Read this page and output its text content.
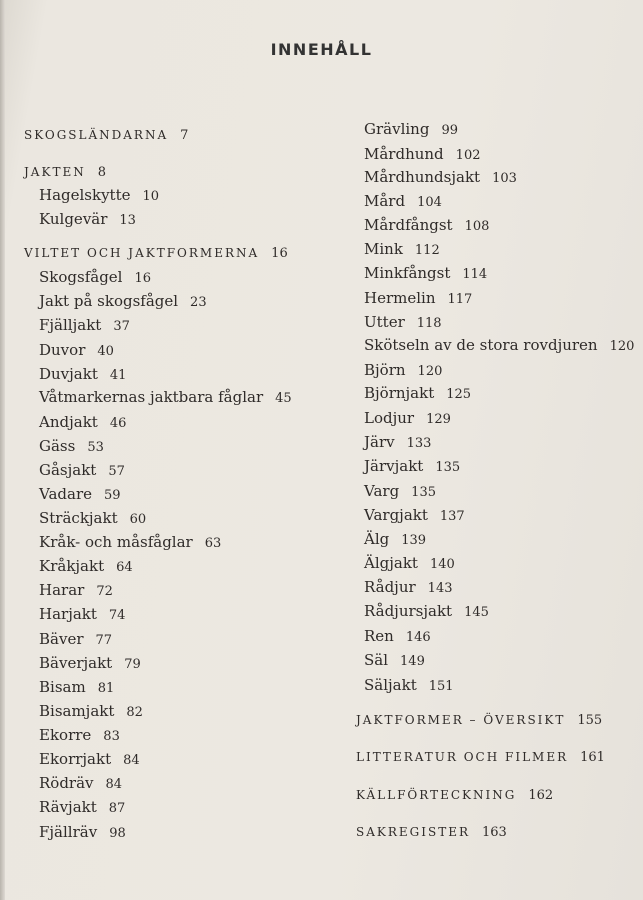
INNEHÅLL
SKOGSLÄNDARNA 7
JAKTEN 8
Hagelskytte 10
Kulgevär 13
VILTET OCH JAKTFORMERNA 16
Skogsfågel 16
Jakt på skogsfågel 23
Fjälljakt 37
Duvor 40
Duvjakt 41
Våtmarkernas jaktbara fåglar 45
Andjakt 46
Gäss 53
Gåsjakt 57
Vadare 59
Sträckjakt 60
Kråk- och måsfåglar 63
Kråkjakt 64
Harar 72
Harjakt 74
Bäver 77
Bäverjakt 79
Bisam 81
Bisamjakt 82
Ekorre 83
Ekorrjakt 84
Rödräv 84
Rävjakt 87
Fjällräv 98
Grävling 99
Mårdhund 102
Mårdhundsjakt 103
Mård 104
Mårdfångst 108
Mink 112
Minkfångst 114
Hermelin 117
Utter 118
Skötseln av de stora rovdjuren 120
Björn 120
Björnjakt 125
Lodjur 129
Järv 133
Järvjakt 135
Varg 135
Vargjakt 137
Älg 139
Älgjakt 140
Rådjur 143
Rådjursjakt 145
Ren 146
Säl 149
Säljakt 151
JAKTFORMER – ÖVERSIKT 155
LITTERATUR OCH FILMER 161
KÄLLFÖRTECKNING 162
SAKREGISTER 163
